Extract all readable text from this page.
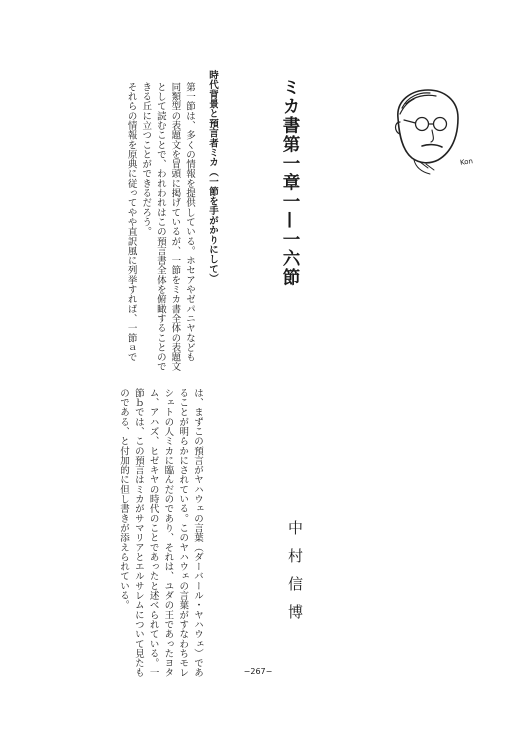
ミカ書第一章一—一六節
中村信博
時代背景と預言者ミカ（一節を手がかりにして）
第一節は、多くの情報を提供している。ホセアやゼパニヤなども
同類型の表題文を冒頭に掲げているが、一節をミカ書全体の表題文
として読むことで、われわれはこの預言書全体を俯瞰することので
きる丘に立つことができるだろう。
それらの情報を原典に従ってやや直訳風に列挙すれば、一節ａで
は、まずこの預言がヤハウェの言葉（ダーバール・ヤハウェ）であ
ることが明らかにされている。このヤハウェの言葉がすなわちモレ
シェトの人ミカに臨んだのであり、それは、ユダの王であったヨタ
ム、アハズ、ヒゼキヤの時代のことであったと述べられている。一
節ｂでは、この預言はミカがサマリアとエルサレムについて見たも
のである、と付加的に但し書きが添えられている。
Kon
−267−
